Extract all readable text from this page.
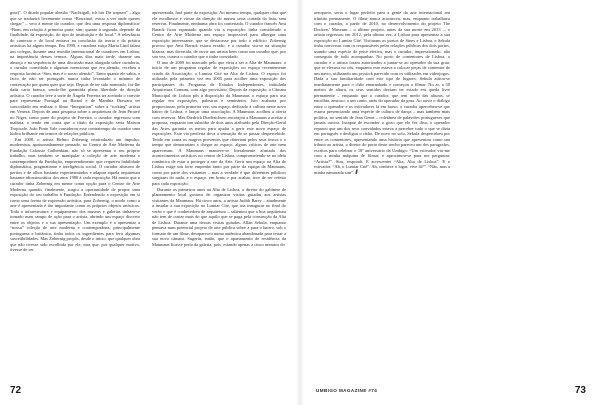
gute)”. O ditado popular alemão “Nachtigall, ich hör Dir trapsen” – algo que se traduzirá livremente como “Rouxinol, estou a ver onde queres chegar” – veio à mente do curador, que deu uma resposta diplomática: “Bom, em relação à primeira parte, sim; quanto à segunda, depende da finalidade, da exposição, do tipo de instituição e do local.” A relevância do contexto e do local entrava na conclusão da teoria e da prática artísticas há algum tempo. Em 1999, a curadora suíça Maria Lind falara aos colegas, durante uma reunião internacional de curadores em Lisboa, na importância desses termos. Alguns dias mais tarde, durante um almoço e na sequência de uma discussão mais alargada sobre curadoria, o curador convidado e algumas mencionar que era alemão, recebeu a resposta lacónica “Sim, mas é o nosso alemão”. Tanto quanto ele sabia, o facto de não ser português nunca tinha levantado o mínimo de contestação por quem quer que seja. Depois de ter sido nomeado, foi-lhe dada carta branca, sendo-lhe garantida plena liberdade de direção artística. O curador teve a sorte de Ângela Ferreira ter aceitado o convite para representar Portugal na Bienal e de Manthia Diawara ter concordado em realizar o filme “Integration” sobre a “rocking” artista em Veneza. Depois de uma pesquisa sobre a arquitetura de Jean Prouvé no Níger, como parte do projeto de Ferreira, o curador regressou com malária, o tendo em conta que o título da exposição seria Maison Tropicale. João Pinto Vale considerou esse contratempo do curador uma lúdica brilhante em termos de relações públicas.

Em 2008, o artista Helmo Zobernig reintroduziu um impulso: modernista, apaixonadamente pensado, no Centro de Arte Moderna da Fundação Calouste Gulbenkian, não só se apresentar o seu próprio trabalho, mas também se manipular a coleção de arte moderna e contemporânea da Fundação, empreendimento que requereu habilidade diplomática, pragmatismo e inteligência social. O curador abusava de peritos e de olhos bastante experimentados e adaptar aquela arquitetura bastante idiossincrática dos anos 1980 à cada exposição. Há muito que o curador tinha Zobernig em mente como opção para o Centro de Arte Moderna quando, finalmente, surgiu a oportunidade de propor uma exposição do seu trabalho à Fundação. Entendendo a exposição em si como uma forma de expressão artística, para Zobernig, o modo como a arte é apresentada é tão importante como os próprios objetos artísticos. Toda a infraestrutura e equipamento dos museus e galerias tinham-se tornado num campo de ação para o artista, abrindo um espaço discreto entre os objetos e a sua apresentação. Um exemplo é a apresentar a “nossa” coleção de arte moderna e contemporânea, principalmente portuguesa e britânica, tinha todos os ingredientes para ferir algumas suscetibilidades. Mas Zobernig propôs, desde o início, que qualquer obra que não tivesse sido escolhida por ele, mas que, por qualquer motivo, tivesse de ser

apresentada, fará parte da exposição. Ao mesmo tempo, qualquer obra que ele escolhesse e viesse da direção do museu seria cortada da lista, sem reservas. Finalmente, nenhuma obra foi contestada. O curador francês Ami Barack ficou espantado quando viu a exposição: tinha considerado o Centro de Arte Moderna um espaço impossível para albergar uma exposição interessante, que se destacasse por todo o edifício. Zobernig provou que Ami Barack estava errado, e o curador viu-se na situação bizarra, mas divertida, de ouvir um artista bem como um curador que, por sua vez, curava o curador que o tinha convidado.

O ano de 2009 foi marcado pelo que viria a ser a Alta de Maumaus: o início de um programa regular de exposições no espaço recentemente criado da Associação, a Lumiar Cité na Alta de Lisboa. O espaço foi utilizado pela primeira vez em 2005 para acolher uma exposição dos participantes do Programa de Estudos Independentes, intitulada Arquitetura Comum, com algo provisório. Depois da exposição, a Câmara Municipal de Lisboa pôs à disposição da Maumaus o espaço para uso regular em exposições, palestras e seminários. Isto acabaria por proporcionar, pela primeira vez, um espaço dedicado à cultura neste novo bairro de Lisboa, e lançar uma associação. A Maumaus acolheu a oferta com reservas. Mas Diedrich Diederichsen encorajou a Maumaus a aceitar a proposta, enquanto um subsídio de dois anos atribuído pela Direção-Geral das Artes garantia os meios para ajudar a gerir este novo espaço de exposições. Este via periferia deva a sensação de se passar despercebido. Tendo em conta os magros proventos que obteriam pelos seus textos e o tempo que demorariam a chegar ao espaço, alguns críticos de arte nem apareceram. A Maumaus manteve-se literalmente afastada dos acontecimentos artísticos no centro de Lisboa, comprometendo-se na ideia romântica de estar a proteger a arte da Arte. Gerir um espaço na Alta de Lisboa exige um forte empenho tanto por parte da equipa da Maumaus, como por parte dos visitantes – mas a verdade é que diferentes públicos surgiram do nada, e o espaço, em bruto e por acabar, teve de ser refeito para cada exposição.

Durante os primeiros anos na Alta de Lisboa, o diretor do gabinete de planeamento local gostava de organizar visitas guiadas aos artistas visitantes da Maumaus. Há cinco anos, a artista Judith Barry – atualmente a instalar a sua exposição no Lumiar Cité, que iria inaugurar no final do verão e que é conhecedora de arquitetura – salientou que a boa arquitetura não tem de custar mais do que aquilo que se paga pela construção da Alta de Lisboa. Durante uma dessas visitas guiadas, Allan Sekula, enquanto pensava num potencial projeto de arte pública sobre a para o bairro, sob o formato de um filme, desapareceu numa autêntica abandonada para testar a sua nova câmara. Sugeriu, então, que o apartamento de residência da Maumaus ficasse perto da galeria, pois, estando apenas a cinco minutos do

72

aeroporto, seria o lugar perfeito para a gente da arte internacional em trânsito permanente. O filme nunca aconteceu, mas, enquanto trabalhava com o curador, a partir de 2010, no desenvolvimento do projeto The Dockers’ Museum – o último projeto, antes da sua morte em 2013 –, o artista regressou em 2012, pela última vez, à Lisboa para apresentar a sua exposição no Lumiar Cité. Visitaram os portos de Sines e Lisboa, e Sekula tinha conversas com os responsáveis pelas relações públicas dos dois portos, usando uma espécie de prise efetiva, mas o curador, impressionado, não conseguia de todo acompanhar. No porto de contentores de Lisboa, o curador e o artista foram autorizados a juntar-se ao operador da sua grua, que se elevava no céu, enquanto este estava a colocar peças de contentor de um navio, utilizando um joystick parecido com os utilizados em videojogos. Dada a sua familiaridade com este tipo de lugares, Sekula atirou-se imediatamente para o chão emaranhado e começou a filmar. No ar, a 50 metros de altura, os seus sentidos deviam ter estado em queda livre permanente – enquanto que o curador, que tem medo das alturas, se encolhia, ansioso, a um canto, atrás do operador da grua. Ao ouvir o diálogo entre o operador e os estivadores lá em baixo, o curador apercebeu-se que estava presenciando uma espécie de cultura de dança – mas também mais política, no sentido de Jean Genet – coletânea de palavrões portugueses que jamais ouvira. Incapaz de esconder o gozo que ele fez diso, o operador reparou que um dos seus convidados estava a perceber tudo o que se dizia em português e desligou o rádio. De novo no solo, Sekula despercebeu por entre os contentores, apresentando uma história que apresentou como um tributo ao artista, o diretor do porto deste trecho pareceu um dos paragrafos, escritos para celebrar o 18º aniversário da Umbigo: “Um estivador viu-me com a minha máquina de filmar, e aproximou-se para me perguntar, “Artista?”. Sim, respondi. E acrescentei “Alta, Alta de Lisboa”. E o estivador, “Ah, o Lumiar Cité”. Ah, conhece o lugar, vive lá?”. “Não, mas a minha namorada sim”. //

UMBIGO MAGAZINE #74	73
